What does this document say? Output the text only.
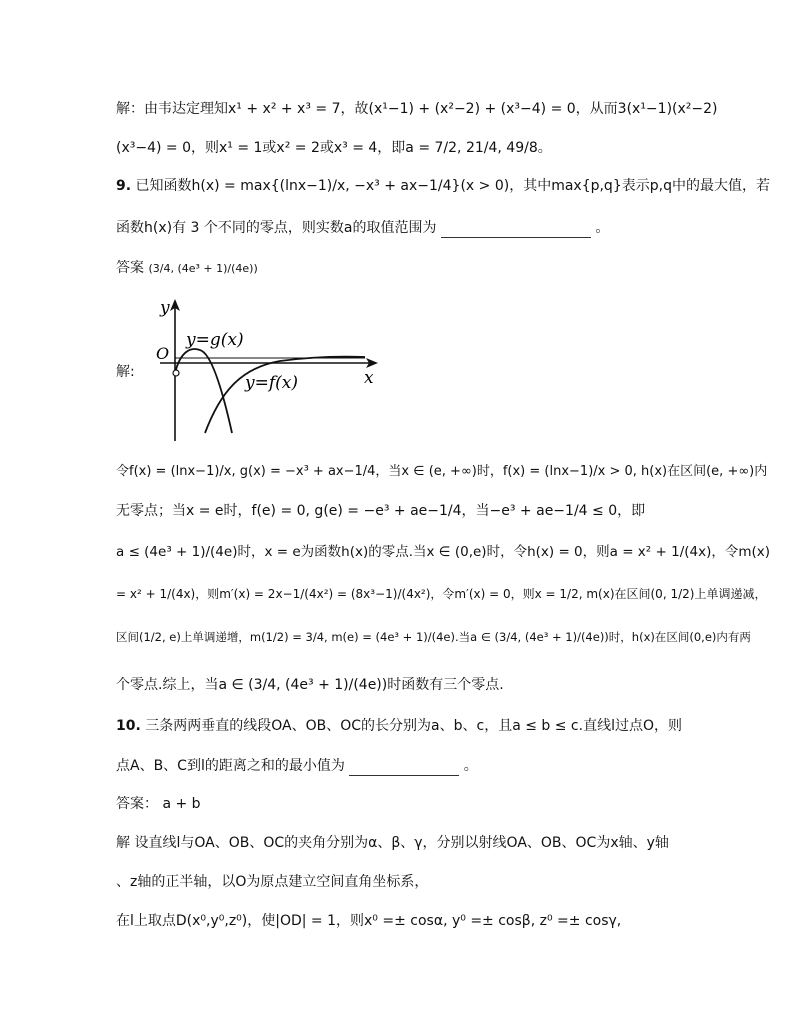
解：由韦达定理知x¹ + x² + x³ = 7，故(x¹−1) + (x²−2) + (x³−4) = 0，从而3(x¹−1)(x²−2)
(x³−4) = 0，则x¹ = 1或x² = 2或x³ = 4，即a = 7/2, 21/4, 49/8。
9. 已知函数h(x) = max{(lnx−1)/x, −x³ + ax−1/4}(x > 0)，其中max{p,q}表示p,q中的最大值，若
函数h(x)有 3 个不同的零点，则实数a的取值范围为	。
答案 (3/4, (4e³ + 1)/(4e))
解:
y
O
y=g(x)
y=f(x)	x
令f(x) = (lnx−1)/x, g(x) = −x³ + ax−1/4，当x ∈ (e, +∞)时，f(x) = (lnx−1)/x > 0, h(x)在区间(e, +∞)内
无零点；当x = e时，f(e) = 0, g(e) = −e³ + ae−1/4，当−e³ + ae−1/4 ≤ 0，即
a ≤ (4e³ + 1)/(4e)时，x = e为函数h(x)的零点.当x ∈ (0,e)时，令h(x) = 0，则a = x² + 1/(4x)，令m(x)
= x² + 1/(4x)，则m′(x) = 2x−1/(4x²) = (8x³−1)/(4x²)，令m′(x) = 0，则x = 1/2, m(x)在区间(0, 1/2)上单调递减，
区间(1/2, e)上单调递增，m(1/2) = 3/4, m(e) = (4e³ + 1)/(4e).当a ∈ (3/4, (4e³ + 1)/(4e))时，h(x)在区间(0,e)内有两
个零点.综上，当a ∈ (3/4, (4e³ + 1)/(4e))时函数有三个零点.
10. 三条两两垂直的线段OA、OB、OC的长分别为a、b、c，且a ≤ b ≤ c.直线l过点O，则
点A、B、C到l的距离之和的最小值为	。
答案： a + b
解 设直线l与OA、OB、OC的夹角分别为α、β、γ，分别以射线OA、OB、OC为x轴、y轴
、z轴的正半轴，以O为原点建立空间直角坐标系，
在l上取点D(x⁰,y⁰,z⁰)，使|OD| = 1，则x⁰ =± cosα, y⁰ =± cosβ, z⁰ =± cosγ,
